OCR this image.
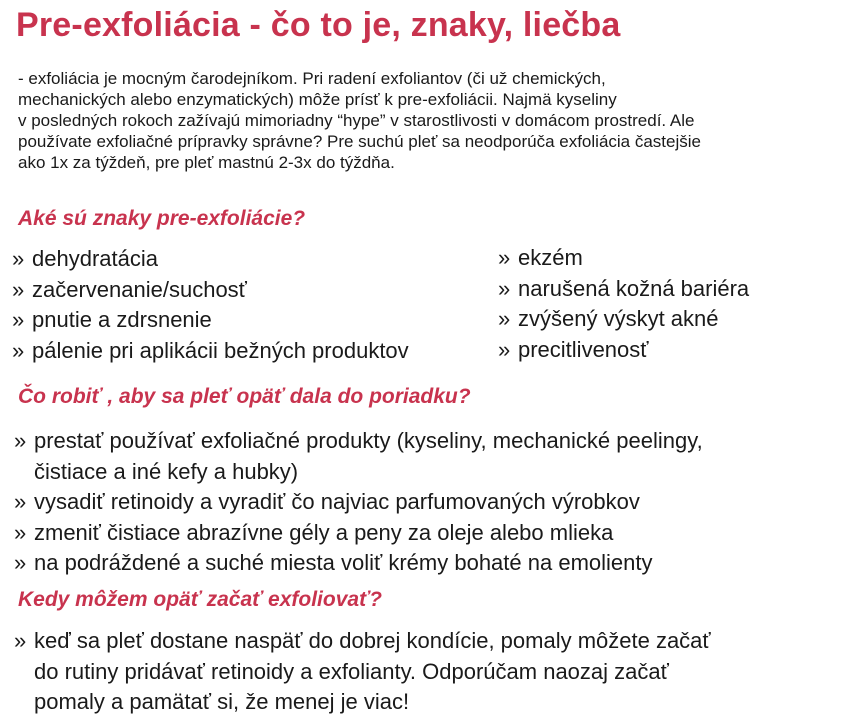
Pre-exfoliácia - čo to je, znaky, liečba
- exfoliácia je mocným čarodejníkom. Pri radení exfoliantov (či už chemických,
mechanických alebo enzymatických) môže prísť k pre-exfoliácii. Najmä kyseliny
v posledných rokoch zažívajú mimoriadny “hype” v starostlivosti v domácom prostredí. Ale
používate exfoliačné prípravky správne? Pre suchú pleť sa neodporúča exfoliácia častejšie
ako 1x za týždeň, pre pleť mastnú 2-3x do týždňa.
Aké sú znaky pre-exfoliácie?
» dehydratácia
» začervenanie/suchosť
» pnutie a zdrsnenie
» pálenie pri aplikácii bežných produktov
» ekzém
» narušená kožná bariéra
» zvýšený výskyt akné
» precitlivenosť
Čo robiť , aby sa pleť opäť dala do poriadku?
» prestať používať exfoliačné produkty (kyseliny, mechanické peelingy,
čistiace a iné kefy a hubky)
» vysadiť retinoidy a vyradiť čo najviac parfumovaných výrobkov
» zmeniť čistiace abrazívne gély a peny za oleje alebo mlieka
» na podráždené a suché miesta voliť krémy bohaté na emolienty
Kedy môžem opäť začať exfoliovať?
» keď sa pleť dostane naspäť do dobrej kondície, pomaly môžete začať
do rutiny pridávať retinoidy a exfolianty. Odporúčam naozaj začať
pomaly a pamätať si, že menej je viac!
